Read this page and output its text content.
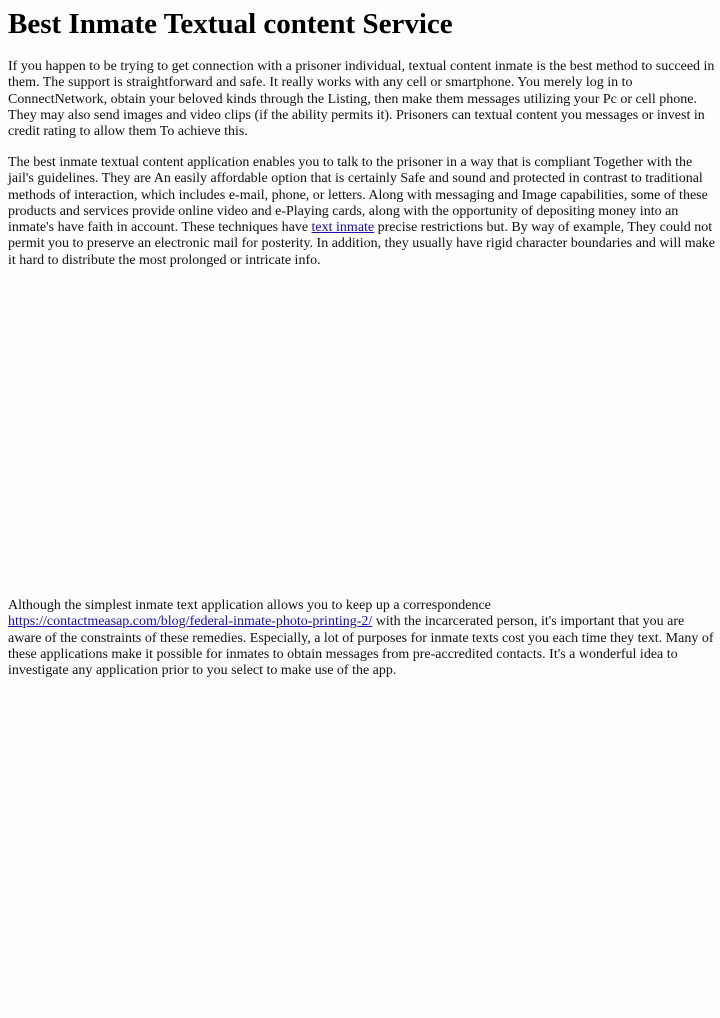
Best Inmate Textual content Service

If you happen to be trying to get connection with a prisoner individual, textual content inmate is the best method to succeed in them. The support is straightforward and safe. It really works with any cell or smartphone. You merely log in to ConnectNetwork, obtain your beloved kinds through the Listing, then make them messages utilizing your Pc or cell phone. They may also send images and video clips (if the ability permits it). Prisoners can textual content you messages or invest in credit rating to allow them To achieve this.

The best inmate textual content application enables you to talk to the prisoner in a way that is compliant Together with the jail's guidelines. They are An easily affordable option that is certainly Safe and sound and protected in contrast to traditional methods of interaction, which includes e-mail, phone, or letters. Along with messaging and Image capabilities, some of these products and services provide online video and e-Playing cards, along with the opportunity of depositing money into an inmate's have faith in account. These techniques have text inmate precise restrictions but. By way of example, They could not permit you to preserve an electronic mail for posterity. In addition, they usually have rigid character boundaries and will make it hard to distribute the most prolonged or intricate info.

Although the simplest inmate text application allows you to keep up a correspondence https://contactmeasap.com/blog/federal-inmate-photo-printing-2/ with the incarcerated person, it's important that you are aware of the constraints of these remedies. Especially, a lot of purposes for inmate texts cost you each time they text. Many of these applications make it possible for inmates to obtain messages from pre-accredited contacts. It's a wonderful idea to investigate any application prior to you select to make use of the app.
